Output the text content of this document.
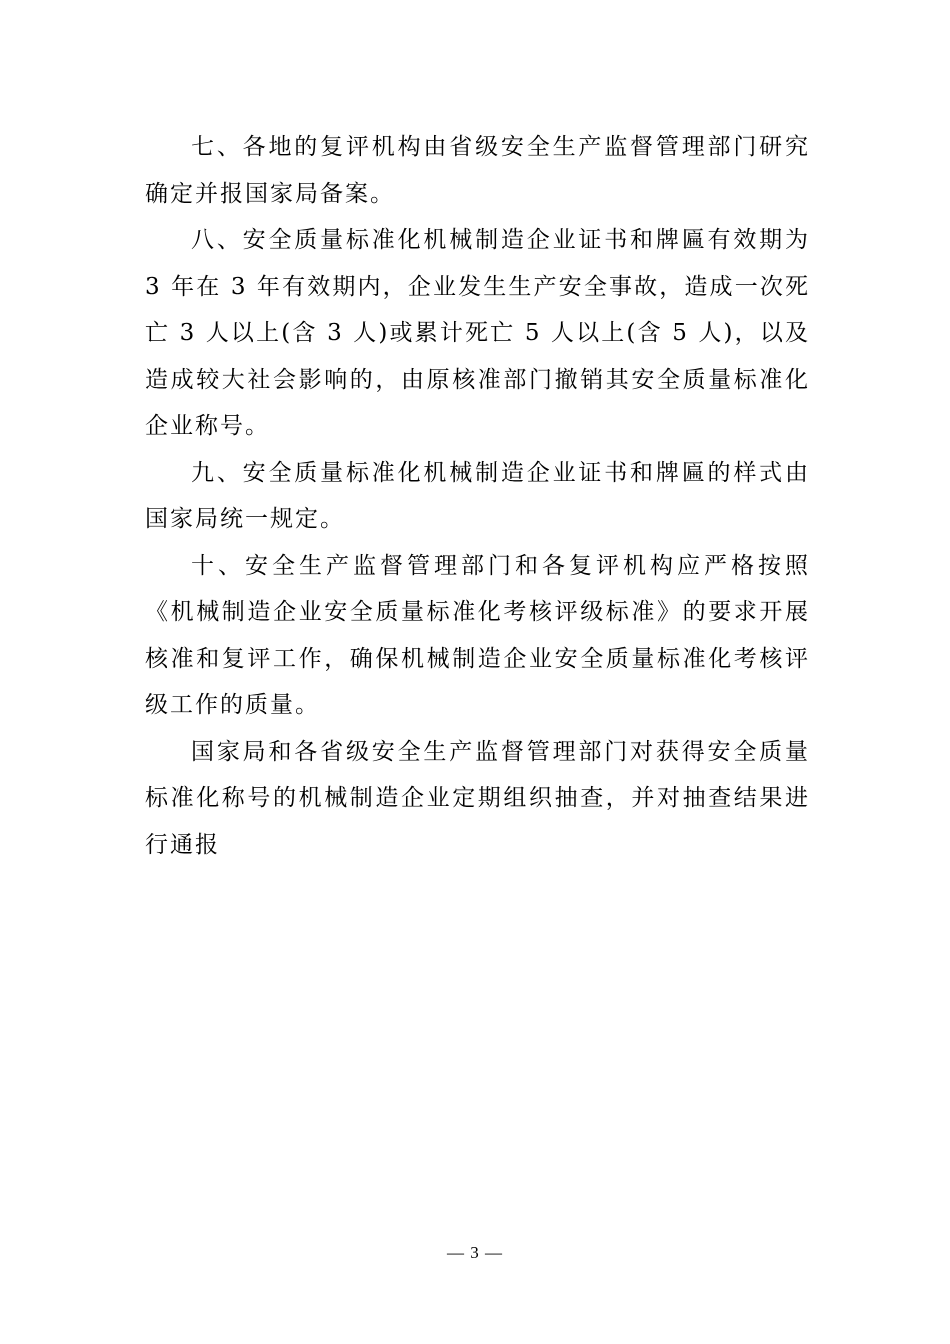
七、各地的复评机构由省级安全生产监督管理部门研究确定并报国家局备案。

八、安全质量标准化机械制造企业证书和牌匾有效期为 3 年在 3 年有效期内，企业发生生产安全事故，造成一次死亡 3 人以上(含 3 人)或累计死亡 5 人以上(含 5 人)，以及造成较大社会影响的，由原核准部门撤销其安全质量标准化企业称号。

九、安全质量标准化机械制造企业证书和牌匾的样式由国家局统一规定。

十、安全生产监督管理部门和各复评机构应严格按照《机械制造企业安全质量标准化考核评级标准》的要求开展核准和复评工作，确保机械制造企业安全质量标准化考核评级工作的质量。

国家局和各省级安全生产监督管理部门对获得安全质量标准化称号的机械制造企业定期组织抽查，并对抽查结果进行通报

— 3 —
